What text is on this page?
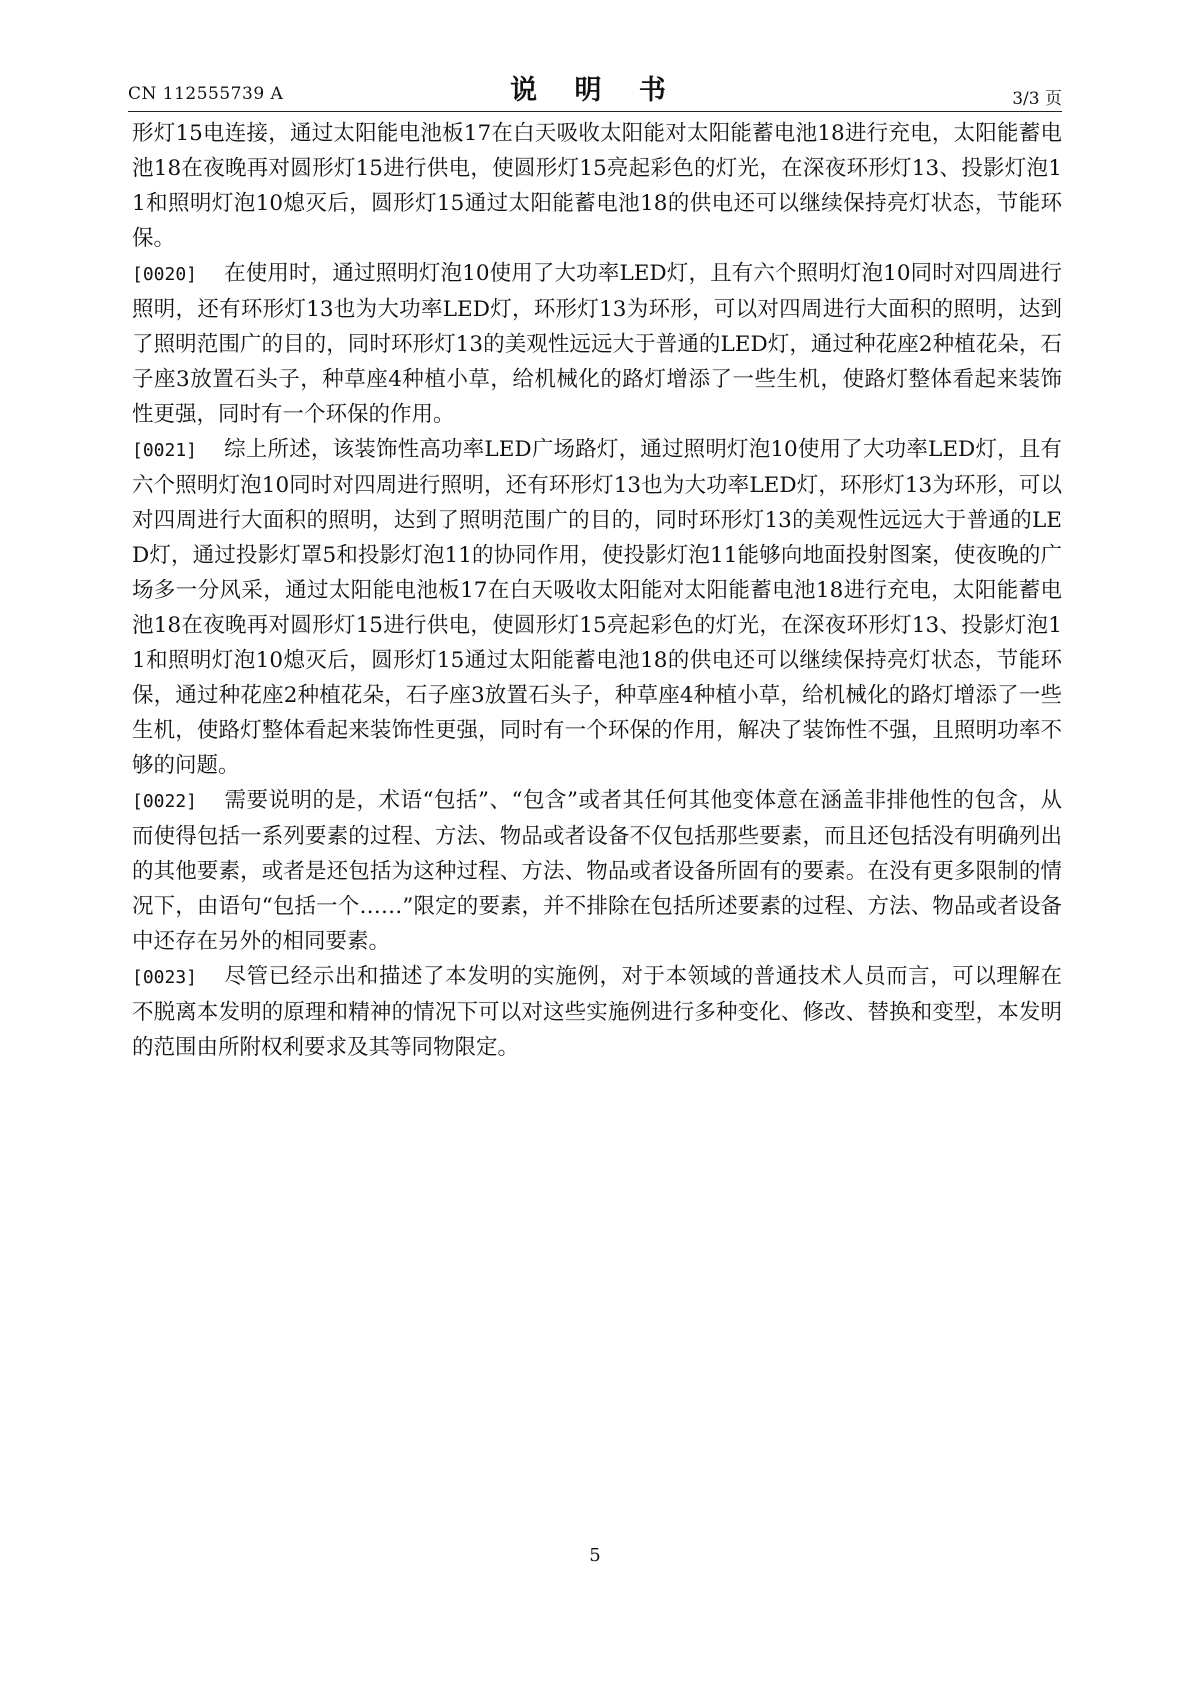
CN 112555739 A	说 明 书	3/3 页

形灯15电连接，通过太阳能电池板17在白天吸收太阳能对太阳能蓄电池18进行充电，太阳能蓄电池18在夜晚再对圆形灯15进行供电，使圆形灯15亮起彩色的灯光，在深夜环形灯13、投影灯泡11和照明灯泡10熄灭后，圆形灯15通过太阳能蓄电池18的供电还可以继续保持亮灯状态，节能环保。

[0020] 在使用时，通过照明灯泡10使用了大功率LED灯，且有六个照明灯泡10同时对四周进行照明，还有环形灯13也为大功率LED灯，环形灯13为环形，可以对四周进行大面积的照明，达到了照明范围广的目的，同时环形灯13的美观性远远大于普通的LED灯，通过种花座2种植花朵，石子座3放置石头子，种草座4种植小草，给机械化的路灯增添了一些生机，使路灯整体看起来装饰性更强，同时有一个环保的作用。

[0021] 综上所述，该装饰性高功率LED广场路灯，通过照明灯泡10使用了大功率LED灯，且有六个照明灯泡10同时对四周进行照明，还有环形灯13也为大功率LED灯，环形灯13为环形，可以对四周进行大面积的照明，达到了照明范围广的目的，同时环形灯13的美观性远远大于普通的LED灯，通过投影灯罩5和投影灯泡11的协同作用，使投影灯泡11能够向地面投射图案，使夜晚的广场多一分风采，通过太阳能电池板17在白天吸收太阳能对太阳能蓄电池18进行充电，太阳能蓄电池18在夜晚再对圆形灯15进行供电，使圆形灯15亮起彩色的灯光，在深夜环形灯13、投影灯泡11和照明灯泡10熄灭后，圆形灯15通过太阳能蓄电池18的供电还可以继续保持亮灯状态，节能环保，通过种花座2种植花朵，石子座3放置石头子，种草座4种植小草，给机械化的路灯增添了一些生机，使路灯整体看起来装饰性更强，同时有一个环保的作用，解决了装饰性不强，且照明功率不够的问题。

[0022] 需要说明的是，术语“包括”、“包含”或者其任何其他变体意在涵盖非排他性的包含，从而使得包括一系列要素的过程、方法、物品或者设备不仅包括那些要素，而且还包括没有明确列出的其他要素，或者是还包括为这种过程、方法、物品或者设备所固有的要素。在没有更多限制的情况下，由语句“包括一个……”限定的要素，并不排除在包括所述要素的过程、方法、物品或者设备中还存在另外的相同要素。

[0023] 尽管已经示出和描述了本发明的实施例，对于本领域的普通技术人员而言，可以理解在不脱离本发明的原理和精神的情况下可以对这些实施例进行多种变化、修改、替换和变型，本发明的范围由所附权利要求及其等同物限定。

5
